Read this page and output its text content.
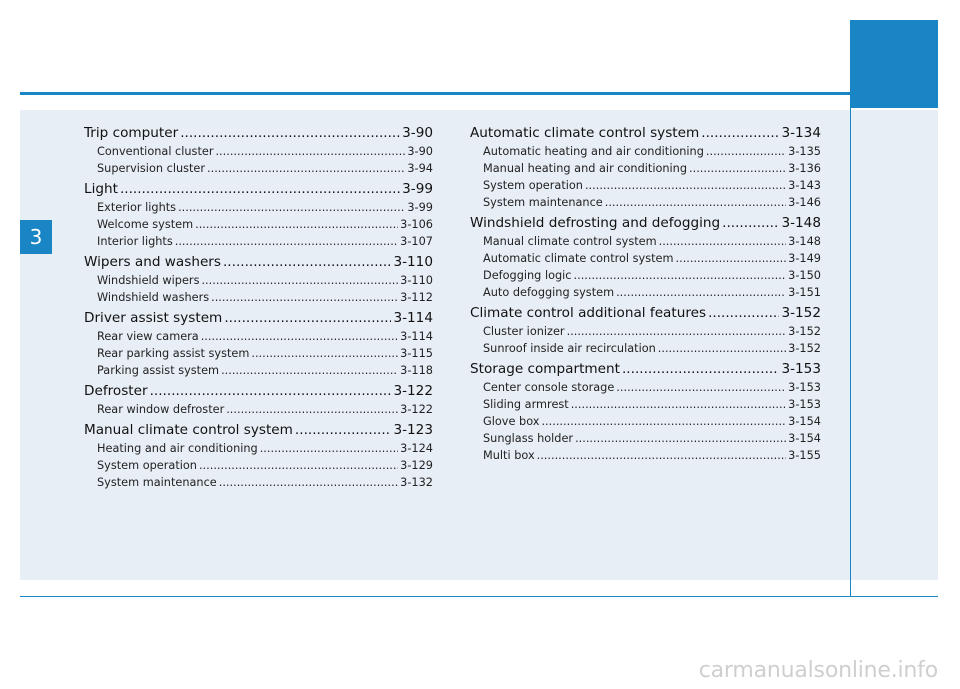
3
Trip computer .....	3-90
Conventional cluster .....	3-90
Supervision cluster .....	3-94
Light .....	3-99
Exterior lights .....	3-99
Welcome system .....	3-106
Interior lights .....	3-107
Wipers and washers .....	3-110
Windshield wipers .....	3-110
Windshield washers .....	3-112
Driver assist system .....	3-114
Rear view camera .....	3-114
Rear parking assist system .....	3-115
Parking assist system .....	3-118
Defroster .....	3-122
Rear window defroster .....	3-122
Manual climate control system .....	3-123
Heating and air conditioning .....	3-124
System operation .....	3-129
System maintenance .....	3-132
Automatic climate control system .....	3-134
Automatic heating and air conditioning .....	3-135
Manual heating and air conditioning .....	3-136
System operation .....	3-143
System maintenance .....	3-146
Windshield defrosting and defogging .....	3-148
Manual climate control system .....	3-148
Automatic climate control system .....	3-149
Defogging logic .....	3-150
Auto defogging system .....	3-151
Climate control additional features .....	3-152
Cluster ionizer .....	3-152
Sunroof inside air recirculation .....	3-152
Storage compartment .....	3-153
Center console storage .....	3-153
Sliding armrest .....	3-153
Glove box .....	3-154
Sunglass holder .....	3-154
Multi box .....	3-155
carmanualsonline.info
